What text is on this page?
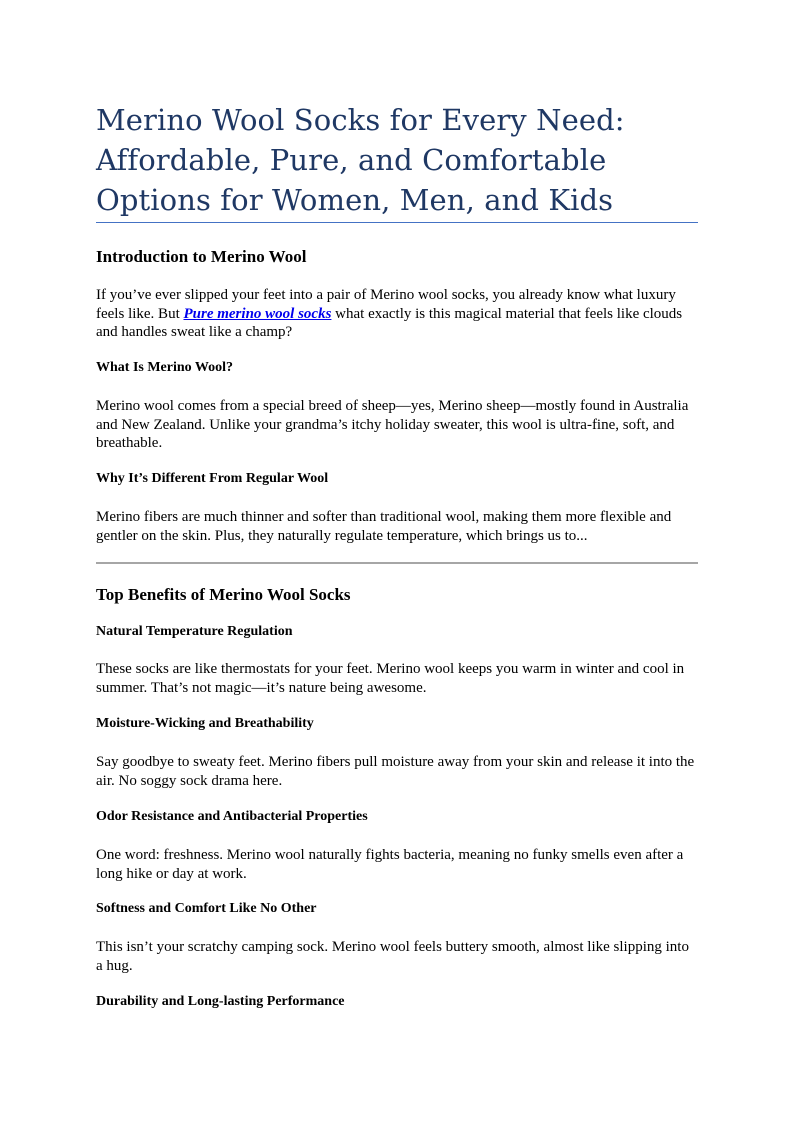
Merino Wool Socks for Every Need: Affordable, Pure, and Comfortable Options for Women, Men, and Kids
Introduction to Merino Wool

If you’ve ever slipped your feet into a pair of Merino wool socks, you already know what luxury feels like. But Pure merino wool socks what exactly is this magical material that feels like clouds and handles sweat like a champ?

What Is Merino Wool?

Merino wool comes from a special breed of sheep—yes, Merino sheep—mostly found in Australia and New Zealand. Unlike your grandma’s itchy holiday sweater, this wool is ultra-fine, soft, and breathable.

Why It’s Different From Regular Wool

Merino fibers are much thinner and softer than traditional wool, making them more flexible and gentler on the skin. Plus, they naturally regulate temperature, which brings us to...

Top Benefits of Merino Wool Socks
Natural Temperature Regulation

These socks are like thermostats for your feet. Merino wool keeps you warm in winter and cool in summer. That’s not magic—it’s nature being awesome.

Moisture-Wicking and Breathability

Say goodbye to sweaty feet. Merino fibers pull moisture away from your skin and release it into the air. No soggy sock drama here.

Odor Resistance and Antibacterial Properties

One word: freshness. Merino wool naturally fights bacteria, meaning no funky smells even after a long hike or day at work.

Softness and Comfort Like No Other

This isn’t your scratchy camping sock. Merino wool feels buttery smooth, almost like slipping into a hug.

Durability and Long-lasting Performance
